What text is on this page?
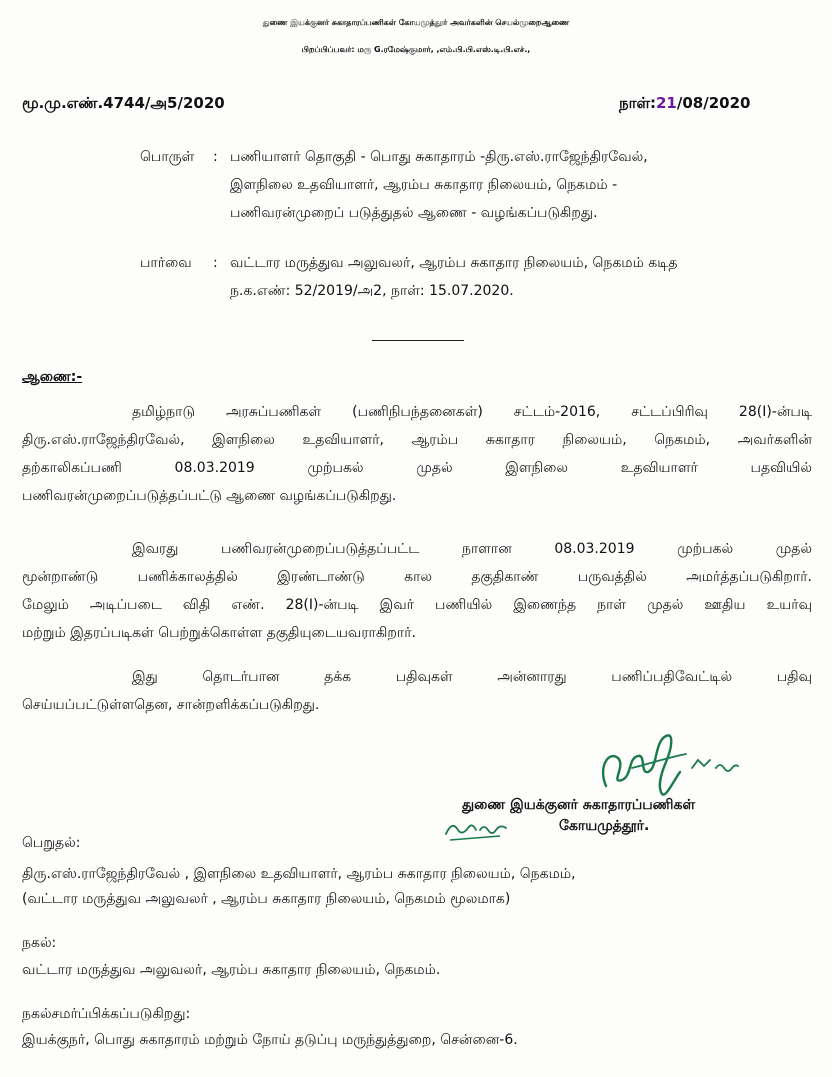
துணை இயக்குனர் சுகாதாரப்பணிகள் கோயமுத்தூர் அவர்களின் செயல்முறைஆணை
பிறப்பிப்பவர்: மரு G.ரமேஷ்குமார், ,எம்.பி.பி.எஸ்.டி.பி.எச்.,
மூ.மு.எண்.4744/அ5/2020	நாள்:21/08/2020
பொருள் : பணியாளர் தொகுதி - பொது சுகாதாரம் -திரு.எஸ்.ராஜேந்திரவேல்,
இளநிலை உதவியாளர், ஆரம்ப சுகாதார நிலையம், நெகமம் -
பணிவரன்முறைப் படுத்துதல் ஆணை - வழங்கப்படுகிறது.
பார்வை : வட்டார மருத்துவ அலுவலர், ஆரம்ப சுகாதார நிலையம், நெகமம் கடித
ந.க.எண்: 52/2019/அ2, நாள்: 15.07.2020.
ஆணை:-
தமிழ்நாடு அரசுப்பணிகள் (பணிநிபந்தனைகள்) சட்டம்-2016, சட்டப்பிரிவு 28(I)-ன்படி
திரு.எஸ்.ராஜேந்திரவேல், இளநிலை உதவியாளர், ஆரம்ப சுகாதார நிலையம், நெகமம், அவர்களின்
தற்காலிகப்பணி 08.03.2019 முற்பகல் முதல் இளநிலை உதவியாளர் பதவியில்
பணிவரன்முறைப்படுத்தப்பட்டு ஆணை வழங்கப்படுகிறது.
இவரது பணிவரன்முறைப்படுத்தப்பட்ட நாளான 08.03.2019 முற்பகல் முதல்
மூன்றாண்டு பணிக்காலத்தில் இரண்டாண்டு கால தகுதிகாண் பருவத்தில் அமர்த்தப்படுகிறார்.
மேலும் அடிப்படை விதி எண். 28(I)-ன்படி இவர் பணியில் இணைந்த நாள் முதல் ஊதிய உயர்வு
மற்றும் இதரப்படிகள் பெற்றுக்கொள்ள தகுதியுடையவராகிறார்.
இது தொடர்பான தக்க பதிவுகள் அன்னாரது பணிப்பதிவேட்டில் பதிவு
செய்யப்பட்டுள்ளதென, சான்றளிக்கப்படுகிறது.
துணை இயக்குனர் சுகாதாரப்பணிகள்
கோயமுத்தூர்.
பெறுதல்:
திரு.எஸ்.ராஜேந்திரவேல் , இளநிலை உதவியாளர், ஆரம்ப சுகாதார நிலையம், நெகமம்,
(வட்டார மருத்துவ அலுவலர் , ஆரம்ப சுகாதார நிலையம், நெகமம் மூலமாக)
நகல்:
வட்டார மருத்துவ அலுவலர், ஆரம்ப சுகாதார நிலையம், நெகமம்.
நகல்சமர்ப்பிக்கப்படுகிறது:
இயக்குநர், பொது சுகாதாரம் மற்றும் நோய் தடுப்பு மருந்துத்துறை, சென்னை-6.
